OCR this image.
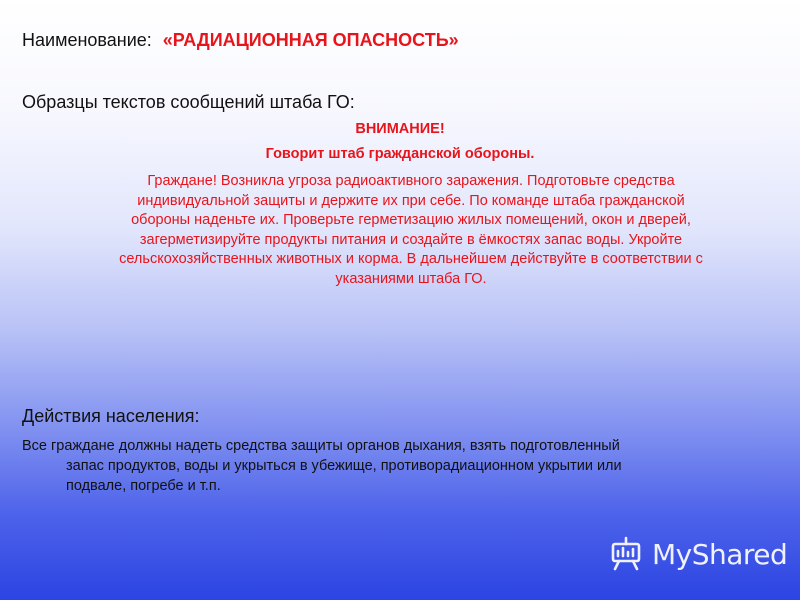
Наименование: «РАДИАЦИОННАЯ ОПАСНОСТЬ»
Образцы текстов сообщений штаба ГО:
ВНИМАНИЕ!
Говорит штаб гражданской обороны.
Граждане! Возникла угроза радиоактивного заражения. Подготовьте средства
индивидуальной защиты и держите их при себе. По команде штаба гражданской
обороны наденьте их. Проверьте герметизацию жилых помещений, окон и дверей,
загерметизируйте продукты питания и создайте в ёмкостях запас воды. Укройте
сельскохозяйственных животных и корма. В дальнейшем действуйте в соответствии с
указаниями штаба ГО.
Действия населения:
Все граждане должны надеть средства защиты органов дыхания, взять подготовленный
запас продуктов, воды и укрыться в убежище, противорадиационном укрытии или
подвале, погребе и т.п.
MyShared
